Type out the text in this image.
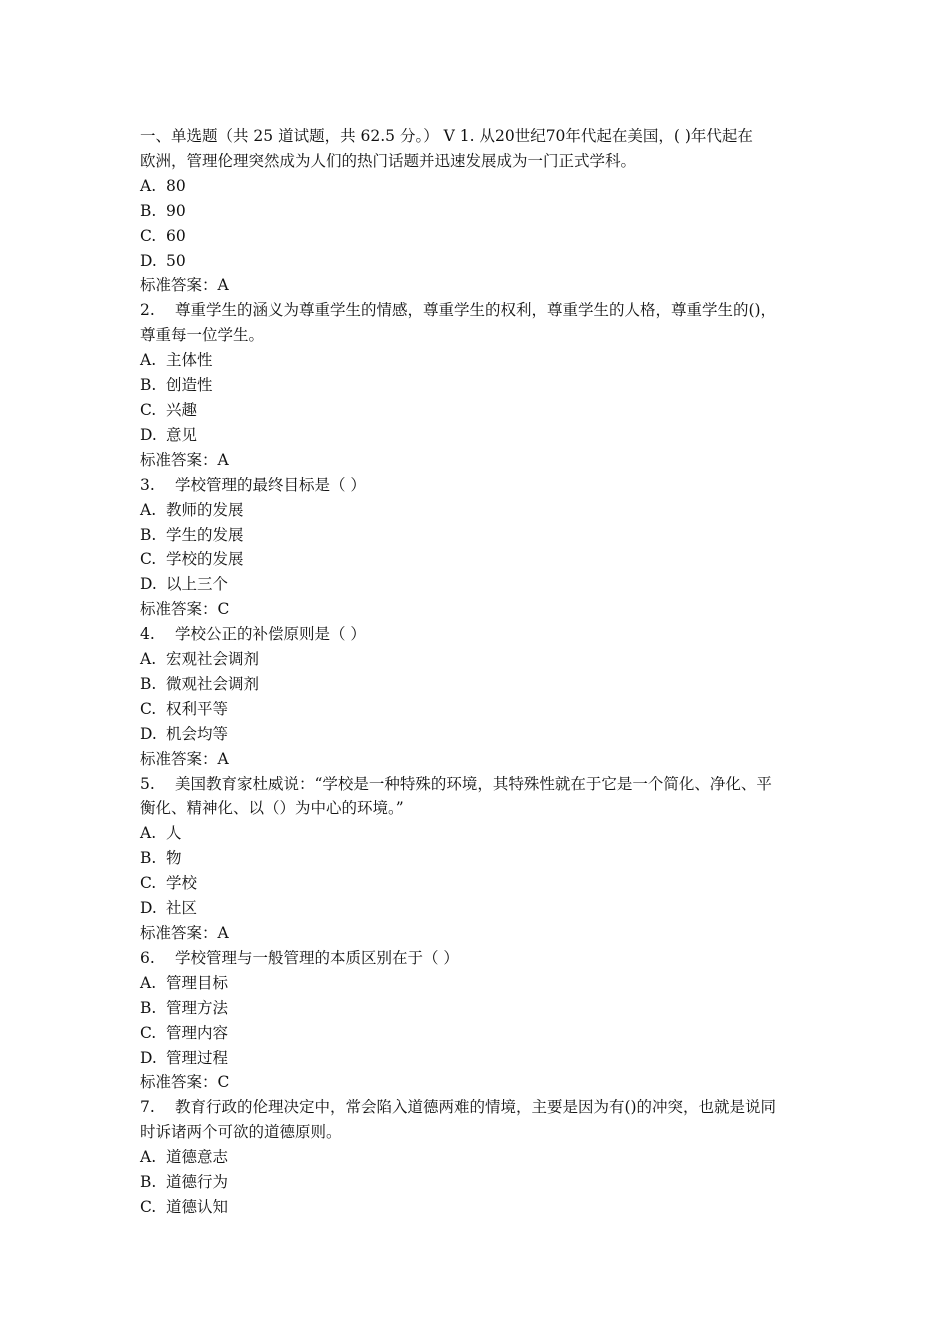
一、单选题（共 25 道试题，共 62.5 分。） V 1. 从20世纪70年代起在美国，( )年代起在
欧洲，管理伦理突然成为人们的热门话题并迅速发展成为一门正式学科。
A. 80
B. 90
C. 60
D. 50
标准答案：A
2. 尊重学生的涵义为尊重学生的情感，尊重学生的权利，尊重学生的人格，尊重学生的()，
尊重每一位学生。
A. 主体性
B. 创造性
C. 兴趣
D. 意见
标准答案：A
3. 学校管理的最终目标是（ ）
A. 教师的发展
B. 学生的发展
C. 学校的发展
D. 以上三个
标准答案：C
4. 学校公正的补偿原则是（ ）
A. 宏观社会调剂
B. 微观社会调剂
C. 权利平等
D. 机会均等
标准答案：A
5. 美国教育家杜威说：“学校是一种特殊的环境，其特殊性就在于它是一个简化、净化、平
衡化、精神化、以（）为中心的环境。”
A. 人
B. 物
C. 学校
D. 社区
标准答案：A
6. 学校管理与一般管理的本质区别在于（ ）
A. 管理目标
B. 管理方法
C. 管理内容
D. 管理过程
标准答案：C
7. 教育行政的伦理决定中，常会陷入道德两难的情境，主要是因为有()的冲突，也就是说同
时诉诸两个可欲的道德原则。
A. 道德意志
B. 道德行为
C. 道德认知
